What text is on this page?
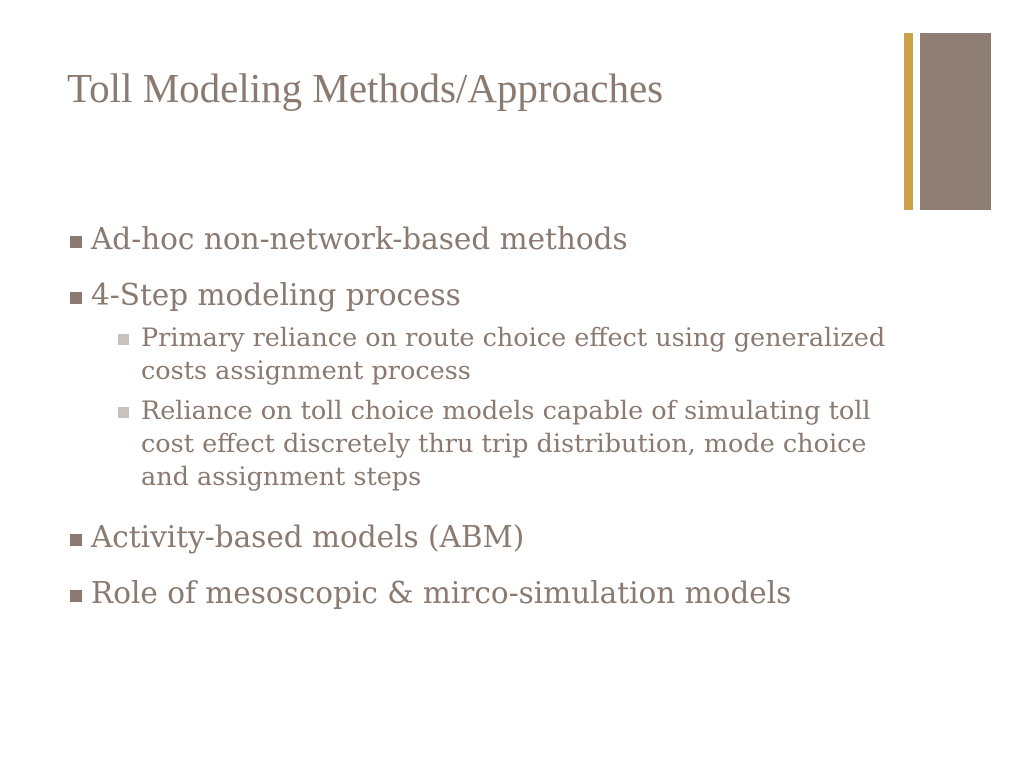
Toll Modeling Methods/Approaches
Ad-hoc non-network-based methods
4-Step modeling process
Primary reliance on route choice effect using generalized costs assignment process
Reliance on toll choice models capable of simulating toll cost effect discretely thru trip distribution, mode choice and assignment steps
Activity-based models (ABM)
Role of mesoscopic & mirco-simulation models
